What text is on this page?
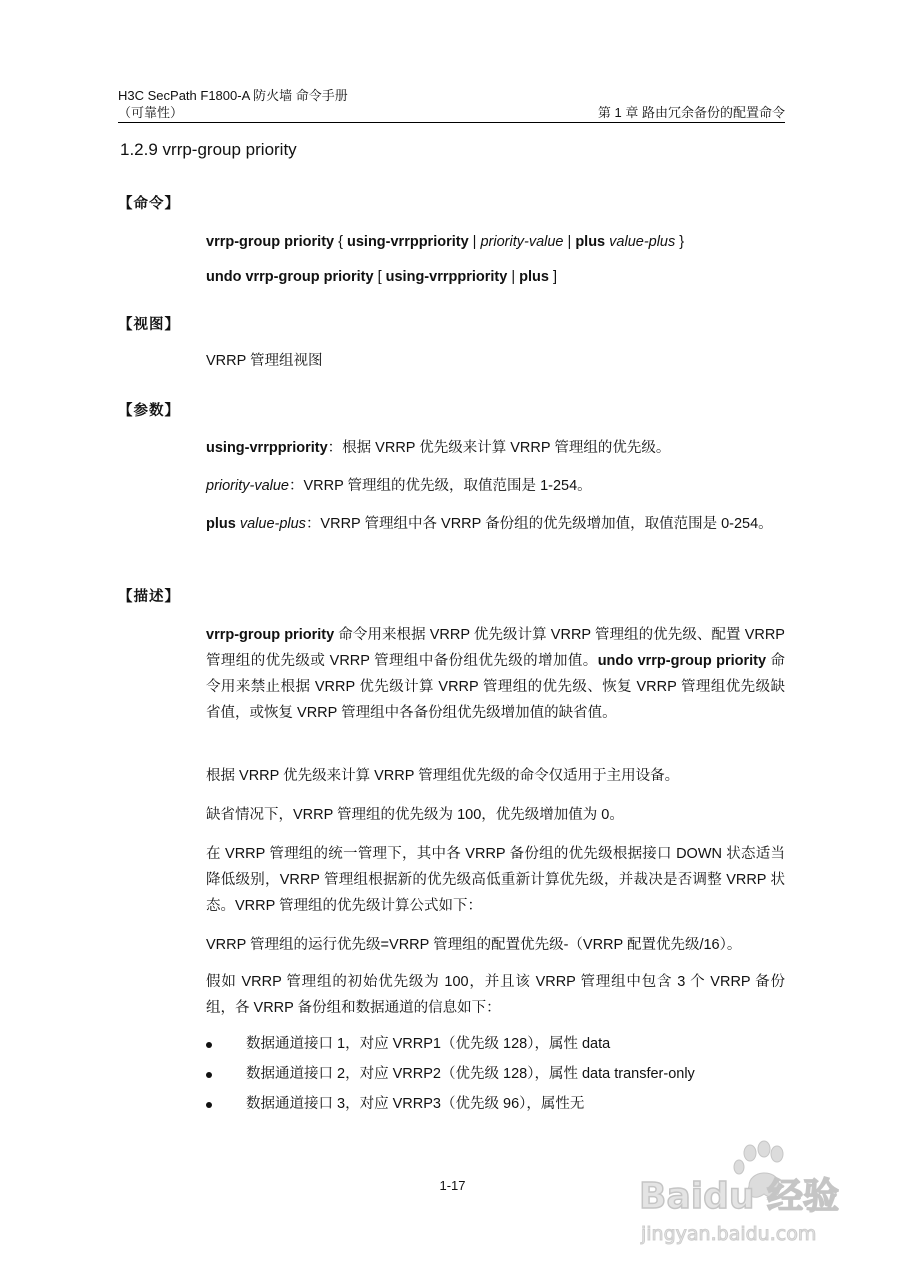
H3C SecPath F1800-A 防火墙 命令手册
（可靠性）	第 1 章 路由冗余备份的配置命令
1.2.9 vrrp-group priority
【命令】
vrrp-group priority { using-vrrppriority | priority-value | plus value-plus }
undo vrrp-group priority [ using-vrrppriority | plus ]
【视图】
VRRP 管理组视图
【参数】
using-vrrppriority：根据 VRRP 优先级来计算 VRRP 管理组的优先级。
priority-value：VRRP 管理组的优先级，取值范围是 1-254。
plus value-plus：VRRP 管理组中各 VRRP 备份组的优先级增加值，取值范围是 0-254。
【描述】
vrrp-group priority 命令用来根据 VRRP 优先级计算 VRRP 管理组的优先级、配置 VRRP 管理组的优先级或 VRRP 管理组中备份组优先级的增加值。undo vrrp-group priority 命令用来禁止根据 VRRP 优先级计算 VRRP 管理组的优先级、恢复 VRRP 管理组优先级缺省值，或恢复 VRRP 管理组中各备份组优先级增加值的缺省值。
根据 VRRP 优先级来计算 VRRP 管理组优先级的命令仅适用于主用设备。
缺省情况下，VRRP 管理组的优先级为 100，优先级增加值为 0。
在 VRRP 管理组的统一管理下，其中各 VRRP 备份组的优先级根据接口 DOWN 状态适当降低级别，VRRP 管理组根据新的优先级高低重新计算优先级，并裁决是否调整 VRRP 状态。VRRP 管理组的优先级计算公式如下：
VRRP 管理组的运行优先级=VRRP 管理组的配置优先级-（VRRP 配置优先级/16）。
假如 VRRP 管理组的初始优先级为 100，并且该 VRRP 管理组中包含 3 个 VRRP 备份组，各 VRRP 备份组和数据通道的信息如下：
数据通道接口 1，对应 VRRP1（优先级 128），属性 data
数据通道接口 2，对应 VRRP2（优先级 128），属性 data transfer-only
数据通道接口 3，对应 VRRP3（优先级 96），属性无
1-17	Baidu 经验
jingyan.baidu.com
